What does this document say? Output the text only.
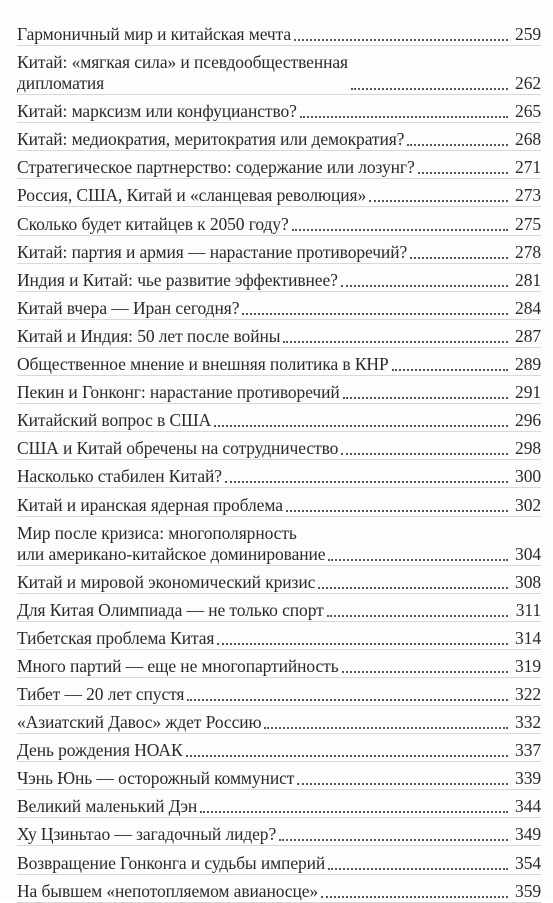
Гармоничный мир и китайская мечта	259
Китай: «мягкая сила» и псевдообщественная
дипломатия	262
Китай: марксизм или конфуцианство?	265
Китай: медиократия, меритократия или демократия?	268
Стратегическое партнерство: содержание или лозунг?	271
Россия, США, Китай и «сланцевая революция»	273
Сколько будет китайцев к 2050 году?	275
Китай: партия и армия — нарастание противоречий?	278
Индия и Китай: чье развитие эффективнее?	281
Китай вчера — Иран сегодня?	284
Китай и Индия: 50 лет после войны	287
Общественное мнение и внешняя политика в КНР	289
Пекин и Гонконг: нарастание противоречий	291
Китайский вопрос в США	296
США и Китай обречены на сотрудничество	298
Насколько стабилен Китай?	300
Китай и иранская ядерная проблема	302
Мир после кризиса: многополярность
или американо-китайское доминирование	304
Китай и мировой экономический кризис	308
Для Китая Олимпиада — не только спорт	311
Тибетская проблема Китая	314
Много партий — еще не многопартийность	319
Тибет — 20 лет спустя	322
«Азиатский Давос» ждет Россию	332
День рождения НОАК	337
Чэнь Юнь — осторожный коммунист	339
Великий маленький Дэн	344
Ху Цзиньтао — загадочный лидер?	349
Возвращение Гонконга и судьбы империй	354
На бывшем «непотопляемом авианосце»	359
